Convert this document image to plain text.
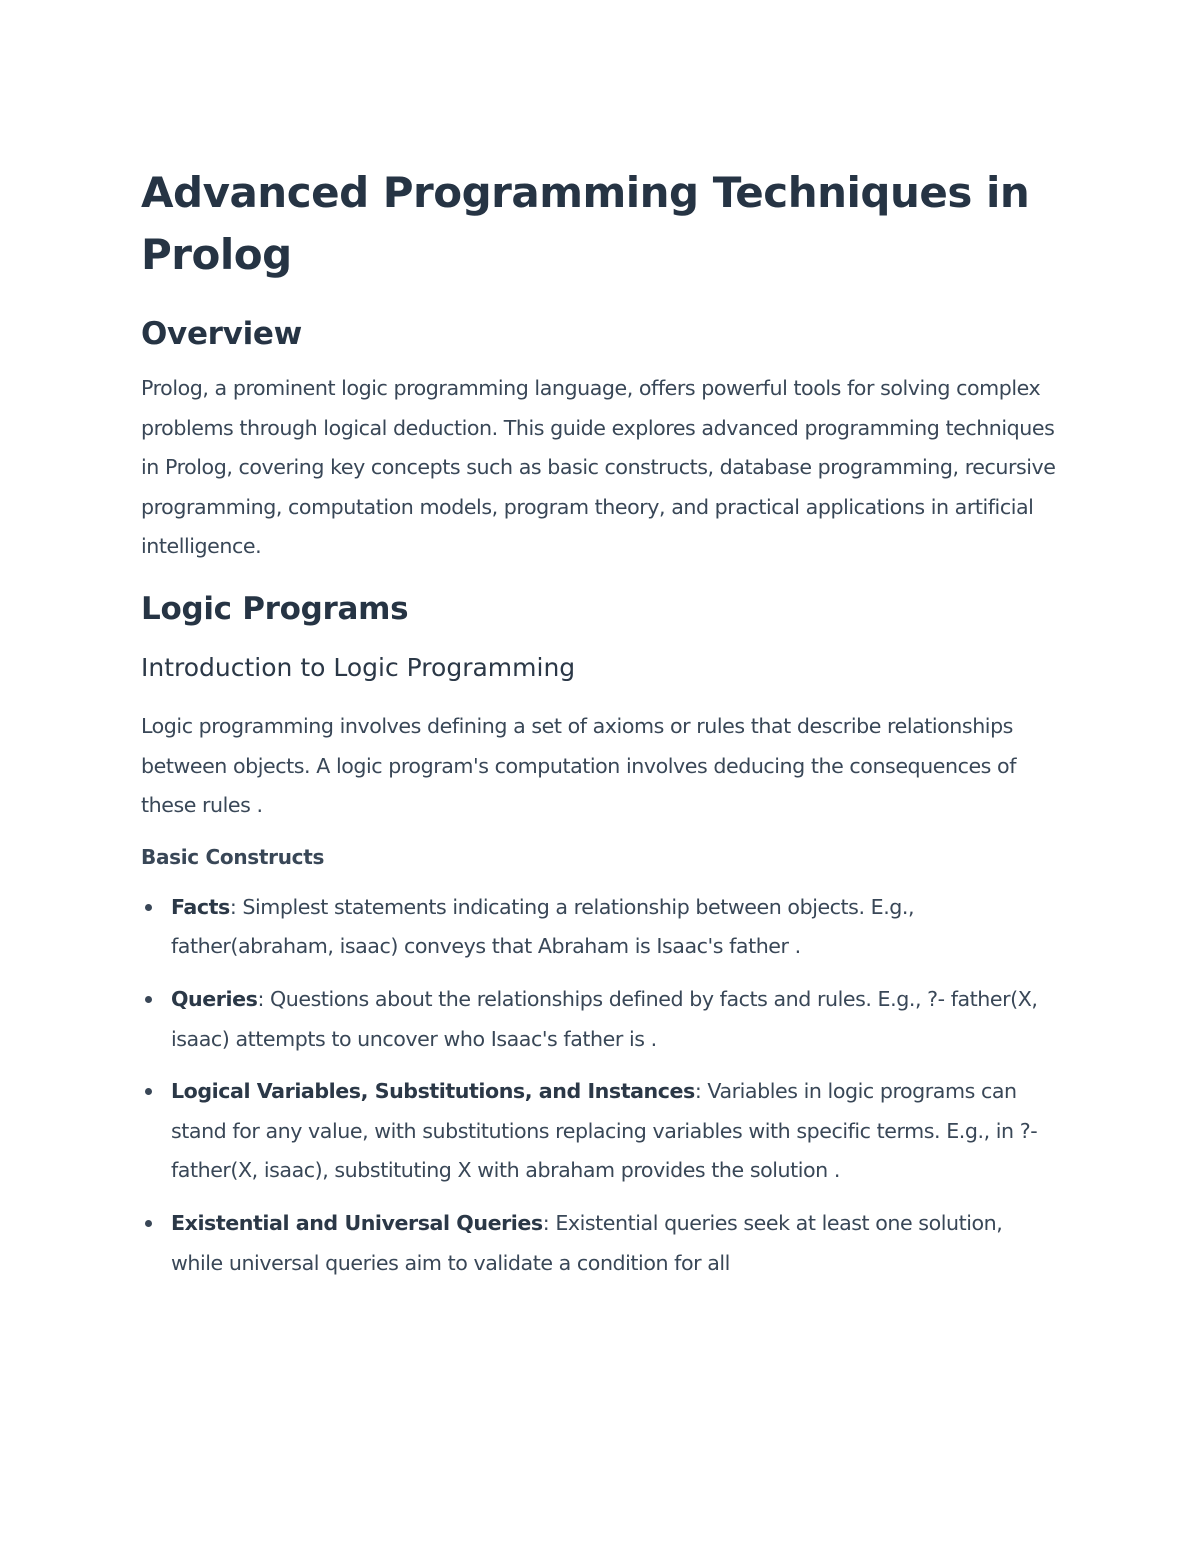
Advanced Programming Techniques in Prolog
Overview

Prolog, a prominent logic programming language, offers powerful tools for solving complex problems through logical deduction. This guide explores advanced programming techniques in Prolog, covering key concepts such as basic constructs, database programming, recursive programming, computation models, program theory, and practical applications in artificial intelligence.

Logic Programs
Introduction to Logic Programming

Logic programming involves defining a set of axioms or rules that describe relationships between objects. A logic program's computation involves deducing the consequences of these rules .

Basic Constructs
Facts: Simplest statements indicating a relationship between objects. E.g., father(abraham, isaac) conveys that Abraham is Isaac's father .
Queries: Questions about the relationships defined by facts and rules. E.g., ?- father(X, isaac) attempts to uncover who Isaac's father is .
Logical Variables, Substitutions, and Instances: Variables in logic programs can stand for any value, with substitutions replacing variables with specific terms. E.g., in ?- father(X, isaac), substituting X with abraham provides the solution .
Existential and Universal Queries: Existential queries seek at least one solution, while universal queries aim to validate a condition for all
